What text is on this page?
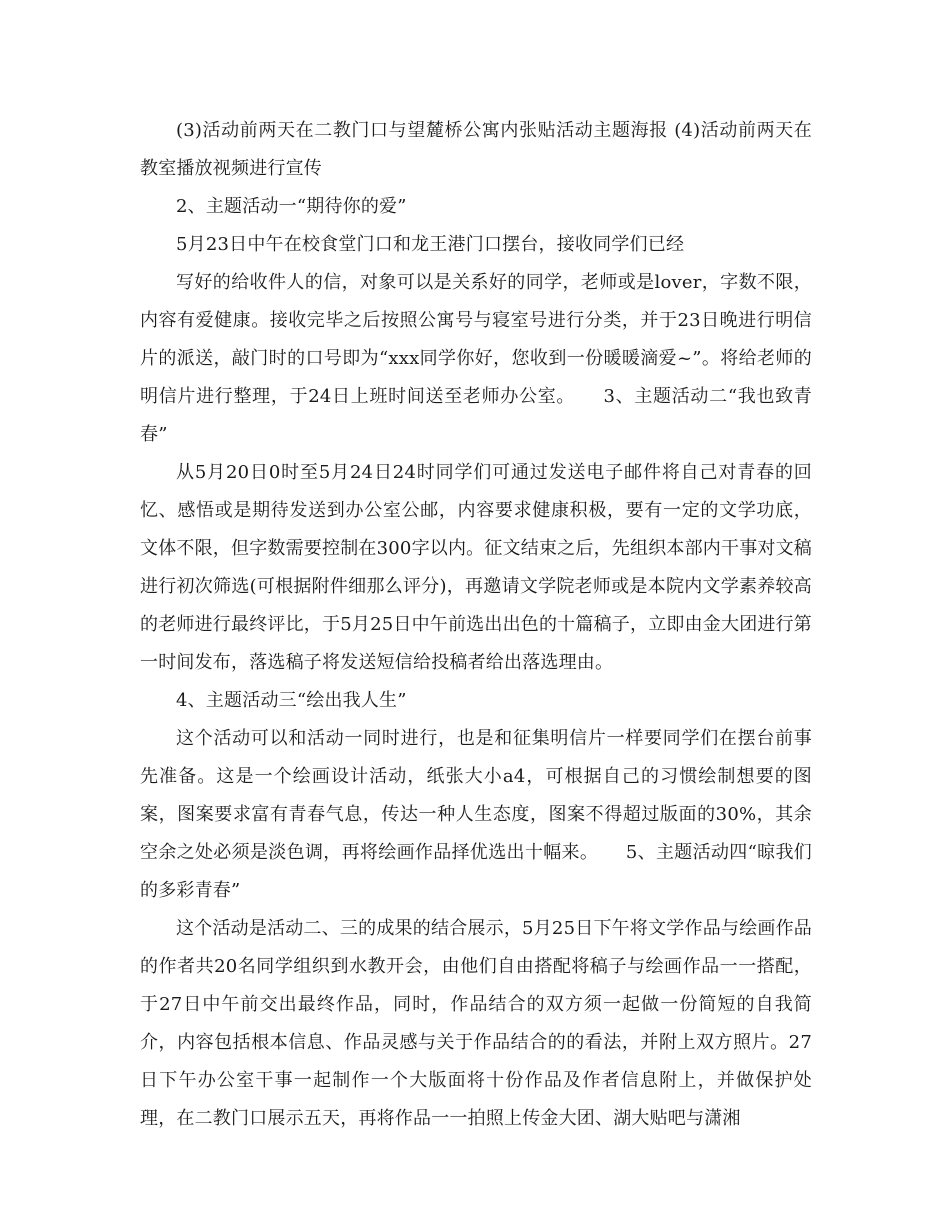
(3)活动前两天在二教门口与望麓桥公寓内张贴活动主题海报 (4)活动前两天在教室播放视频进行宣传

2、主题活动一“期待你的爱”

5月23日中午在校食堂门口和龙王港门口摆台，接收同学们已经

写好的给收件人的信，对象可以是关系好的同学，老师或是lover，字数不限，内容有爱健康。接收完毕之后按照公寓号与寝室号进行分类，并于23日晚进行明信片的派送，敲门时的口号即为“xxx同学你好，您收到一份暖暖滴爱~”。将给老师的明信片进行整理，于24日上班时间送至老师办公室。　　3、主题活动二“我也致青春”

从5月20日0时至5月24日24时同学们可通过发送电子邮件将自己对青春的回忆、感悟或是期待发送到办公室公邮，内容要求健康积极，要有一定的文学功底，文体不限，但字数需要控制在300字以内。征文结束之后，先组织本部内干事对文稿进行初次筛选(可根据附件细那么评分)，再邀请文学院老师或是本院内文学素养较高的老师进行最终评比，于5月25日中午前选出出色的十篇稿子，立即由金大团进行第一时间发布，落选稿子将发送短信给投稿者给出落选理由。

4、主题活动三“绘出我人生”

这个活动可以和活动一同时进行，也是和征集明信片一样要同学们在摆台前事先准备。这是一个绘画设计活动，纸张大小a4，可根据自己的习惯绘制想要的图案，图案要求富有青春气息，传达一种人生态度，图案不得超过版面的30%，其余空余之处必须是淡色调，再将绘画作品择优选出十幅来。　　5、主题活动四“晾我们的多彩青春”

这个活动是活动二、三的成果的结合展示，5月25日下午将文学作品与绘画作品的作者共20名同学组织到水教开会，由他们自由搭配将稿子与绘画作品一一搭配，于27日中午前交出最终作品，同时，作品结合的双方须一起做一份简短的自我简介，内容包括根本信息、作品灵感与关于作品结合的的看法，并附上双方照片。27日下午办公室干事一起制作一个大版面将十份作品及作者信息附上，并做保护处理，在二教门口展示五天，再将作品一一拍照上传金大团、湖大贴吧与潇湘
